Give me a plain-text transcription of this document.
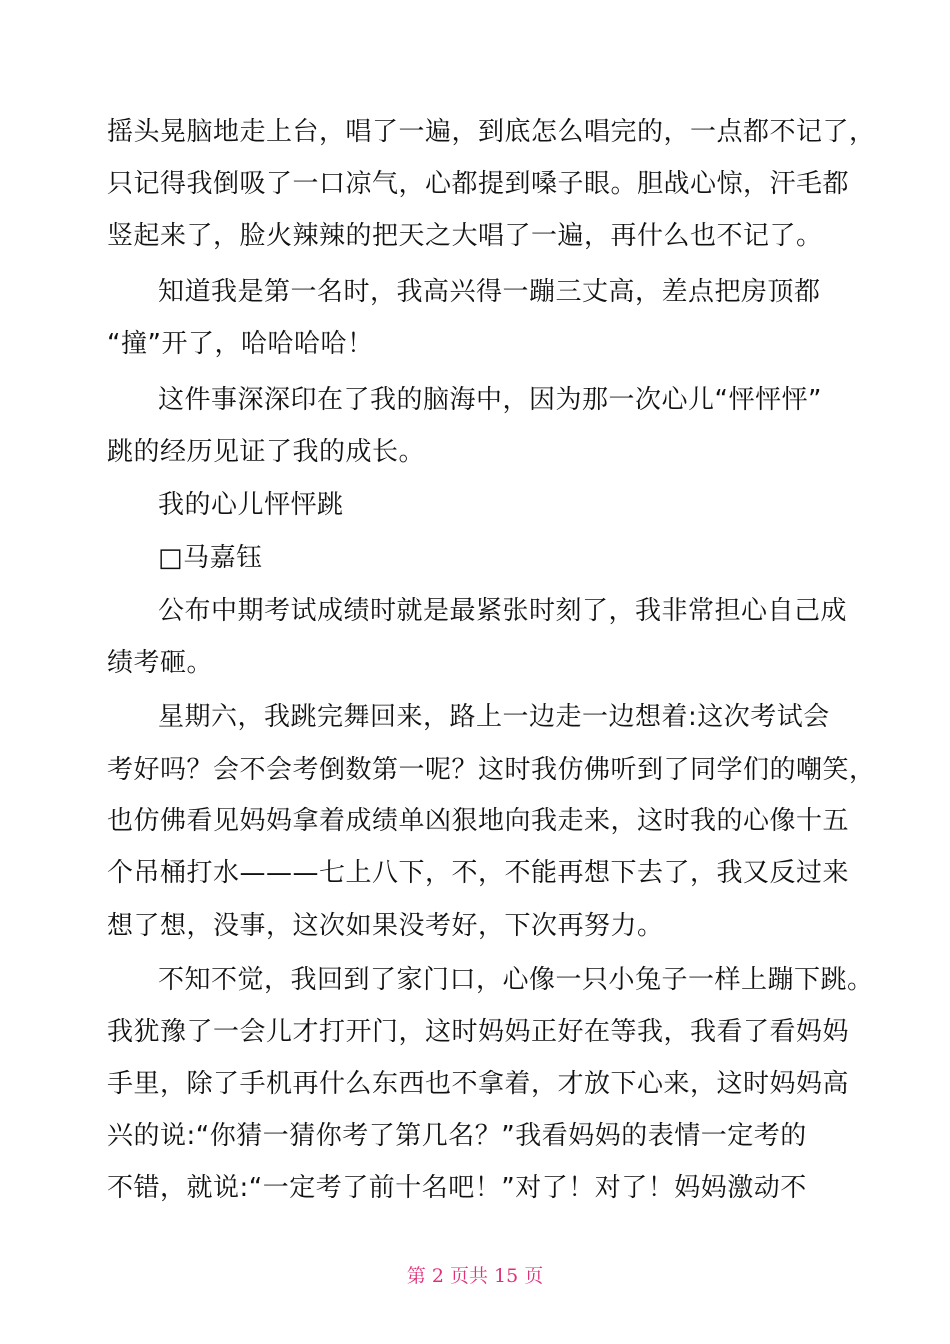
摇头晃脑地走上台，唱了一遍，到底怎么唱完的，一点都不记了，
只记得我倒吸了一口凉气，心都提到嗓子眼。胆战心惊，汗毛都
竖起来了，脸火辣辣的把天之大唱了一遍，再什么也不记了。
知道我是第一名时，我高兴得一蹦三丈高，差点把房顶都
“撞”开了，哈哈哈哈！
这件事深深印在了我的脑海中，因为那一次心儿“怦怦怦”
跳的经历见证了我的成长。
我的心儿怦怦跳
□马嘉钰
公布中期考试成绩时就是最紧张时刻了，我非常担心自己成
绩考砸。
星期六，我跳完舞回来，路上一边走一边想着:这次考试会
考好吗？会不会考倒数第一呢？这时我仿佛听到了同学们的嘲笑，
也仿佛看见妈妈拿着成绩单凶狠地向我走来，这时我的心像十五
个吊桶打水———七上八下，不，不能再想下去了，我又反过来
想了想，没事，这次如果没考好，下次再努力。
不知不觉，我回到了家门口，心像一只小兔子一样上蹦下跳。
我犹豫了一会儿才打开门，这时妈妈正好在等我，我看了看妈妈
手里，除了手机再什么东西也不拿着，才放下心来，这时妈妈高
兴的说:“你猜一猜你考了第几名？”我看妈妈的表情一定考的
不错，就说:“一定考了前十名吧！”对了！对了！妈妈激动不
第 2 页共 15 页
